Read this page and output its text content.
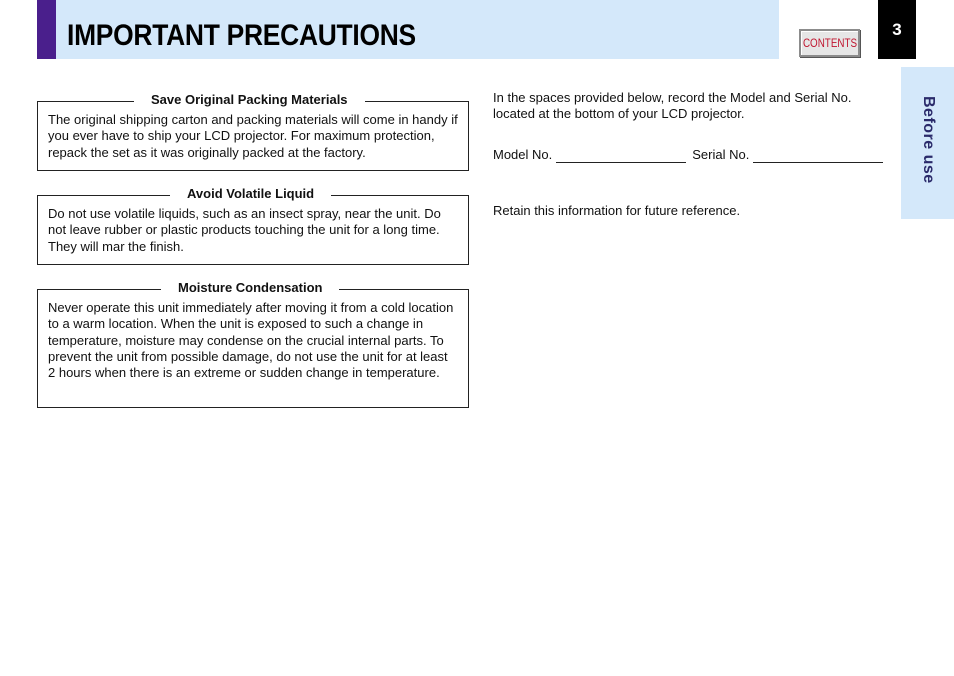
IMPORTANT PRECAUTIONS	CONTENTS
3
Before use
Save Original Packing Materials

The original shipping carton and packing materials will come in handy if you ever have to ship your LCD projector. For maximum protection, repack the set as it was originally packed at the factory.

Avoid Volatile Liquid

Do not use volatile liquids, such as an insect spray, near the unit. Do not leave rubber or plastic products touching the unit for a long time. They will mar the finish.

Moisture Condensation

Never operate this unit immediately after moving it from a cold location to a warm location. When the unit is exposed to such a change in temperature, moisture may condense on the crucial internal parts. To prevent the unit from possible damage, do not use the unit for at least 2 hours when there is an extreme or sudden change in temperature.

In the spaces provided below, record the Model and Serial No. located at the bottom of your LCD projector.
Model No.	Serial No.
Retain this information for future reference.
